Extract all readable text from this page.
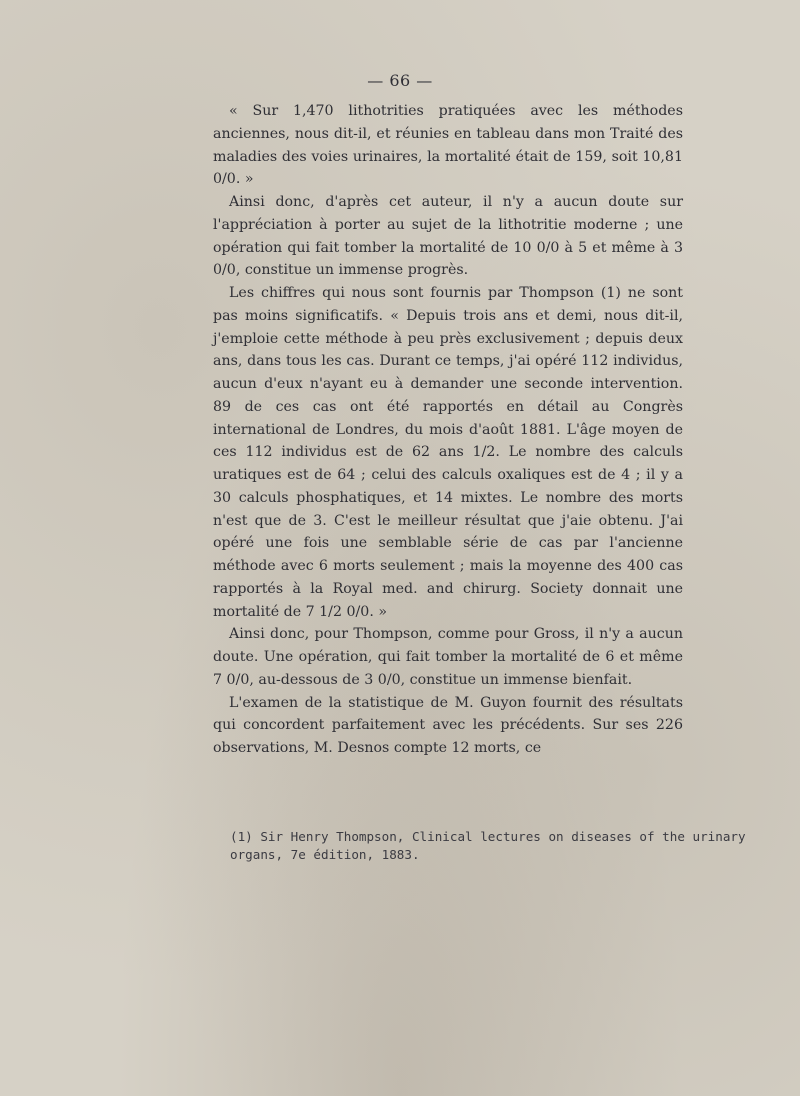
— 66 —

« Sur 1,470 lithotrities pratiquées avec les méthodes anciennes, nous dit-il, et réunies en tableau dans mon Traité des maladies des voies urinaires, la mortalité était de 159, soit 10,81 0/0. »

Ainsi donc, d'après cet auteur, il n'y a aucun doute sur l'appréciation à porter au sujet de la lithotritie moderne ; une opération qui fait tomber la mortalité de 10 0/0 à 5 et même à 3 0/0, constitue un immense progrès.

Les chiffres qui nous sont fournis par Thompson (1) ne sont pas moins significatifs. « Depuis trois ans et demi, nous dit-il, j'emploie cette méthode à peu près exclusivement ; depuis deux ans, dans tous les cas. Durant ce temps, j'ai opéré 112 individus, aucun d'eux n'ayant eu à demander une seconde intervention. 89 de ces cas ont été rapportés en détail au Congrès international de Londres, du mois d'août 1881. L'âge moyen de ces 112 individus est de 62 ans 1/2. Le nombre des calculs uratiques est de 64 ; celui des calculs oxaliques est de 4 ; il y a 30 calculs phosphatiques, et 14 mixtes. Le nombre des morts n'est que de 3. C'est le meilleur résultat que j'aie obtenu. J'ai opéré une fois une semblable série de cas par l'ancienne méthode avec 6 morts seulement ; mais la moyenne des 400 cas rapportés à la Royal med. and chirurg. Society donnait une mortalité de 7 1/2 0/0. »

Ainsi donc, pour Thompson, comme pour Gross, il n'y a aucun doute. Une opération, qui fait tomber la mortalité de 6 et même 7 0/0, au-dessous de 3 0/0, constitue un immense bienfait.

L'examen de la statistique de M. Guyon fournit des résultats qui concordent parfaitement avec les précédents. Sur ses 226 observations, M. Desnos compte 12 morts, ce

(1) Sir Henry Thompson, Clinical lectures on diseases of the urinary
organs, 7e édition, 1883.
